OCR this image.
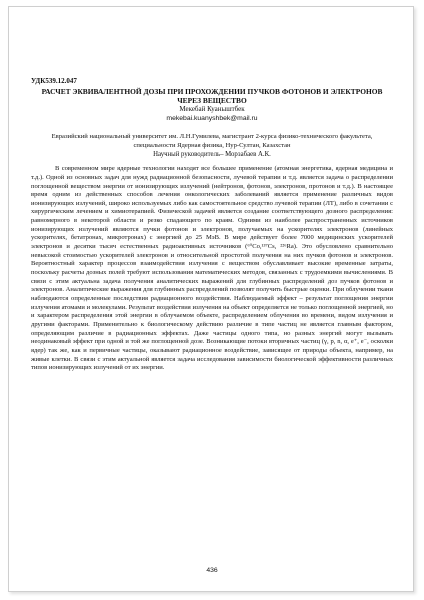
УДК539.12.047

РАСЧЕТ ЭКВИВАЛЕНТНОЙ ДОЗЫ ПРИ ПРОХОЖДЕНИИ ПУЧКОВ ФОТОНОВ И ЭЛЕКТРОНОВ ЧЕРЕЗ ВЕЩЕСТВО

Мекебай Куаныштбек

mekebai.kuanyshbek@mail.ru

Евразийский национальный университет им. Л.Н.Гумилева, магистрант 2-курса физико-технического факультета, специальности Ядерная физика, Нур-Султан, Казахстан

Научный руководитель– Морзабаев А.К.

В современном мире ядерные технологии находят все большее применение (атомная энергетика, ядерная медицина и т.д.). Одной из основных задач для нужд радиационной безопасности, лучевой терапии и т.д. является задача о распределении поглощенной веществом энергии от ионизирующих излучений (нейтронов, фотонов, электронов, протонов и т.д.). В настоящее время одним из действенных способов лечения онкологических заболеваний является применение различных видов ионизирующих излучений, широко используемых либо как самостоятельное средство лучевой терапии (ЛТ), либо в сочетании с хирургическим лечением и химиотерапией. Физической задачей является создание соответствующего дозного распределения: равномерного в некоторой области и резко спадающего по краям. Одними из наиболее распространенных источников ионизирующих излучений являются пучки фотонов и электронов, получаемых на ускорителях электронов (линейных ускорителях, бетатронах, микротронах) с энергией до 25 МэВ. В мире действует более 7000 медицинских ускорителей электронов и десятки тысяч естественных радиоактивных источников (⁶⁰Co,¹³⁷Cs, ²²⁶Ra). Это обусловлено сравнительно невысокой стоимостью ускорителей электронов и относительной простотой получения на них пучков фотонов и электронов. Вероятностный характер процессов взаимодействия излучения с веществом обуславливает высокие временные затраты, поскольку расчеты дозных полей требуют использования математических методов, связанных с трудоемкими вычислениями. В связи с этим актуальна задача получения аналитических выражений для глубинных распределений доз пучков фотонов и электронов. Аналитические выражения для глубинных распределений позволят получить быстрые оценки. При облучении ткани наблюдаются определенные последствия радиационного воздействия. Наблюдаемый эффект – результат поглощения энергии излучения атомами и молекулами. Результат воздействия излучения на объект определяется не только поглощенной энергией, но и характером распределения этой энергии в облучаемом объекте, распределением облучения во времени, видом излучения и другими факторами. Применительно к биологическому действию различие в типе частиц не является главным фактором, определяющим различие в радиационных эффектах. Даже частицы одного типа, но разных энергий могут вызывать неодинаковый эффект при одной и той же поглощенной дозе. Возникающие потоки вторичных частиц (γ, p, n, α, e⁺, e⁻, осколки ядер) так же, как и первичные частицы, оказывают радиационное воздействие, зависящее от природы объекта, например, на живые клетки. В связи с этим актуальной является задача исследования зависимости биологической эффективности различных типов ионизирующих излучений от их энергии.

436
